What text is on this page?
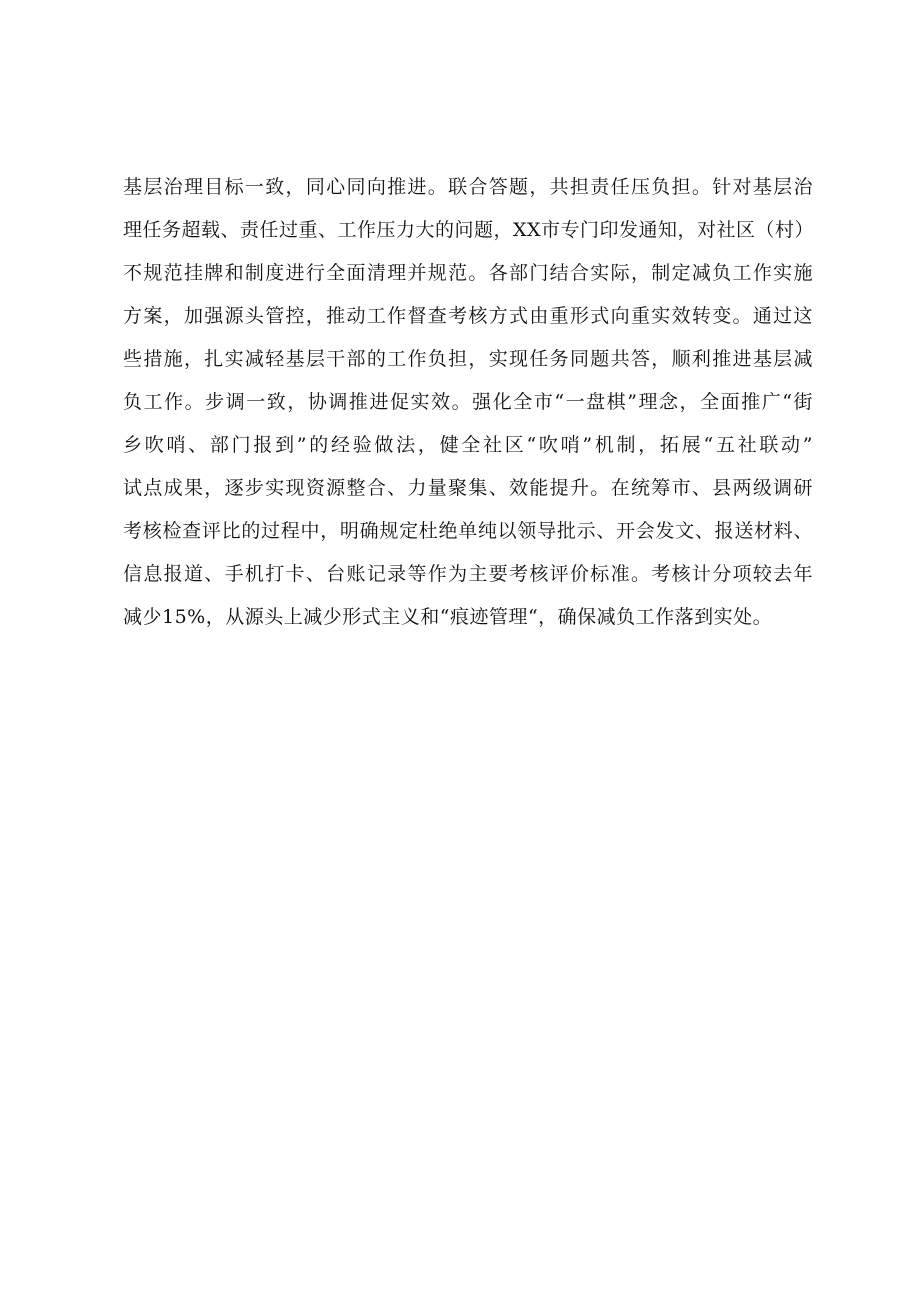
基层治理目标一致，同心同向推进。联合答题，共担责任压负担。针对基层治
理任务超载、责任过重、工作压力大的问题，XX市专门印发通知，对社区（村）
不规范挂牌和制度进行全面清理并规范。各部门结合实际，制定减负工作实施
方案，加强源头管控，推动工作督查考核方式由重形式向重实效转变。通过这
些措施，扎实减轻基层干部的工作负担，实现任务同题共答，顺利推进基层减
负工作。步调一致，协调推进促实效。强化全市“一盘棋”理念，全面推广“街
乡吹哨、部门报到”的经验做法，健全社区“吹哨”机制，拓展“五社联动”
试点成果，逐步实现资源整合、力量聚集、效能提升。在统筹市、县两级调研
考核检查评比的过程中，明确规定杜绝单纯以领导批示、开会发文、报送材料、
信息报道、手机打卡、台账记录等作为主要考核评价标准。考核计分项较去年
减少15%，从源头上减少形式主义和“痕迹管理“，确保减负工作落到实处。
